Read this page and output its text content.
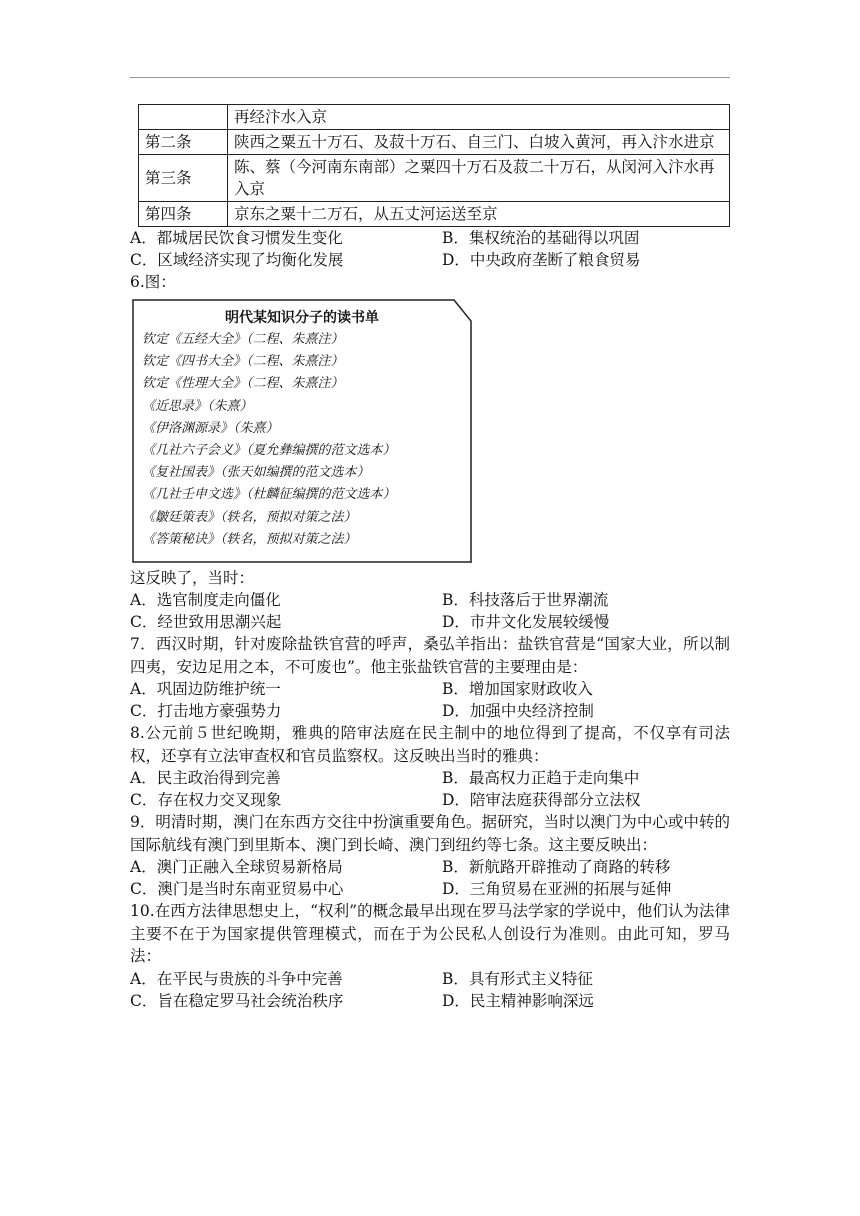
	再经汴水入京
第二条	陕西之粟五十万石、及菽十万石、自三门、白坡入黄河，再入汴水进京
第三条	陈、蔡（今河南东南部）之粟四十万石及菽二十万石，从闵河入汴水再入京
第四条	京东之粟十二万石，从五丈河运送至京
A．都城居民饮食习惯发生变化	B．集权统治的基础得以巩固
C．区域经济实现了均衡化发展	D．中央政府垄断了粮食贸易
6.图：
明代某知识分子的读书单
钦定《五经大全》（二程、朱熹注）
钦定《四书大全》（二程、朱熹注）
钦定《性理大全》（二程、朱熹注）
《近思录》（朱熹）
《伊洛渊源录》（朱熹）
《几社六子会义》（夏允彝编撰的范文选本）
《复社国表》（张天如编撰的范文选本）
《几社壬申文选》（杜麟征编撰的范文选本）
《皺廷策表》（轶名，预拟对策之法）
《答策秘诀》（轶名，预拟对策之法）
这反映了，当时：
A．选官制度走向僵化	B．科技落后于世界潮流
C．经世致用思潮兴起	D．市井文化发展较缓慢
7．西汉时期，针对废除盐铁官营的呼声，桑弘羊指出：盐铁官营是“国家大业，所以制四夷，安边足用之本，不可废也”。他主张盐铁官营的主要理由是：
A．巩固边防维护统一	B．增加国家财政收入
C．打击地方豪强势力	D．加强中央经济控制
8.公元前５世纪晚期，雅典的陪审法庭在民主制中的地位得到了提高，不仅享有司法权，还享有立法审查权和官员监察权。这反映出当时的雅典：
A．民主政治得到完善	B．最高权力正趋于走向集中
C．存在权力交叉现象	D．陪审法庭获得部分立法权
9．明清时期，澳门在东西方交往中扮演重要角色。据研究，当时以澳门为中心或中转的国际航线有澳门到里斯本、澳门到长崎、澳门到纽约等七条。这主要反映出：
A．澳门正融入全球贸易新格局	B．新航路开辟推动了商路的转移
C．澳门是当时东南亚贸易中心	D．三角贸易在亚洲的拓展与延伸
10.在西方法律思想史上，“权利”的概念最早出现在罗马法学家的学说中，他们认为法律主要不在于为国家提供管理模式，而在于为公民私人创设行为准则。由此可知，罗马法：
A．在平民与贵族的斗争中完善	B．具有形式主义特征
C．旨在稳定罗马社会统治秩序	D．民主精神影响深远
